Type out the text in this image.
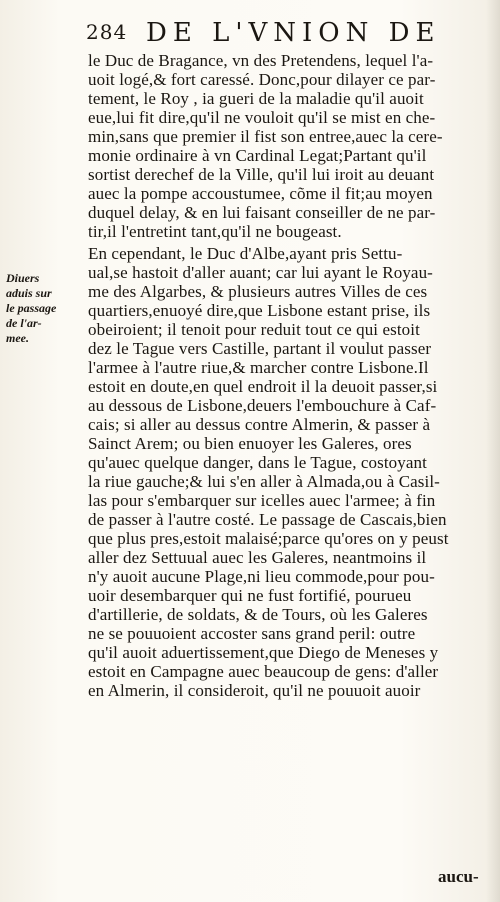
284 DE L'VNION DE
Diuers
aduis sur
le passage
de l'ar-
mee.
le Duc de Bragance, vn des Pretendens, lequel l'a-
uoit logé,& fort caressé. Donc,pour dilayer ce par-
tement, le Roy , ia gueri de la maladie qu'il auoit
eue,lui fit dire,qu'il ne vouloit qu'il se mist en che-
min,sans que premier il fist son entree,auec la cere-
monie ordinaire à vn Cardinal Legat;Partant qu'il
sortist derechef de la Ville, qu'il lui iroit au deuant
auec la pompe accoustumee, cõme il fit;au moyen
duquel delay, & en lui faisant conseiller de ne par-
tir,il l'entretint tant,qu'il ne bougeast.
En cependant, le Duc d'Albe,ayant pris Settu-
ual,se hastoit d'aller auant; car lui ayant le Royau-
me des Algarbes, & plusieurs autres Villes de ces
quartiers,enuoyé dire,que Lisbone estant prise, ils
obeiroient; il tenoit pour reduit tout ce qui estoit
dez le Tague vers Castille, partant il voulut passer
l'armee à l'autre riue,& marcher contre Lisbone.Il
estoit en doute,en quel endroit il la deuoit passer,si
au dessous de Lisbone,deuers l'embouchure à Caf-
cais; si aller au dessus contre Almerin, & passer à
Sainct Arem; ou bien enuoyer les Galeres, ores
qu'auec quelque danger, dans le Tague, costoyant
la riue gauche;& lui s'en aller à Almada,ou à Casil-
las pour s'embarquer sur icelles auec l'armee; à fin
de passer à l'autre costé. Le passage de Cascais,bien
que plus pres,estoit malaisé;parce qu'ores on y peust
aller dez Settuual auec les Galeres, neantmoins il
n'y auoit aucune Plage,ni lieu commode,pour pou-
uoir desembarquer qui ne fust fortifié, pourueu
d'artillerie, de soldats, & de Tours, où les Galeres
ne se pouuoient accoster sans grand peril: outre
qu'il auoit aduertissement,que Diego de Meneses y
estoit en Campagne auec beaucoup de gens: d'aller
en Almerin, il consideroit, qu'il ne pouuoit auoir
aucu-
